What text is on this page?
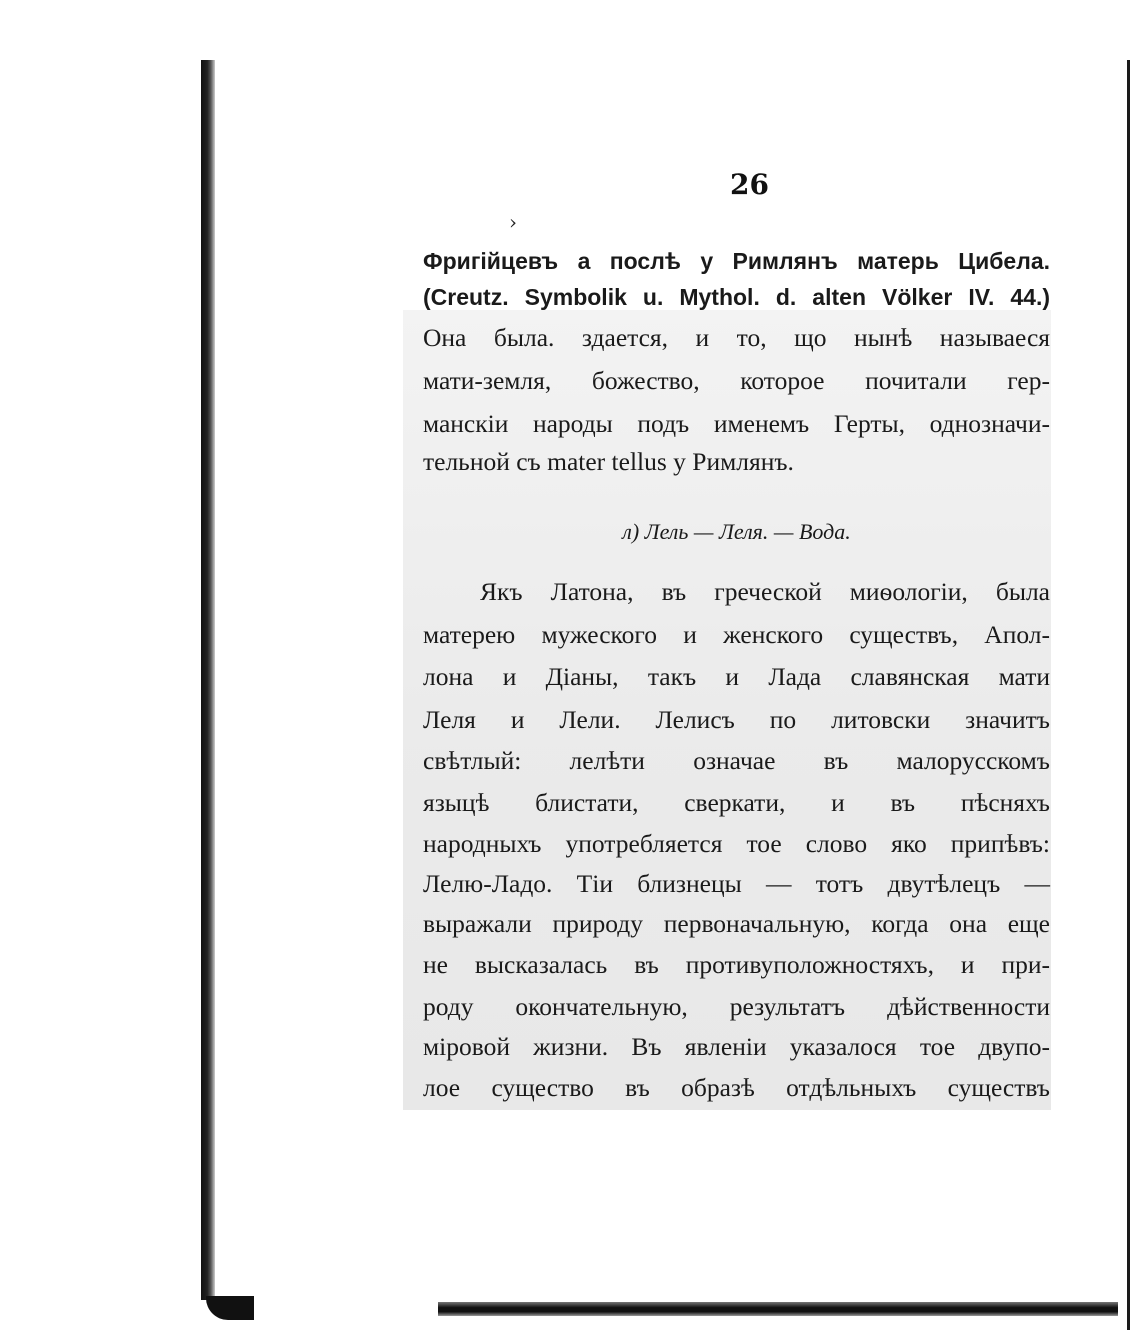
26
›
Фригійцевъ а послѣ у Римлянъ матерь Цибела.
(Creutz. Symbolik u. Mythol. d. alten Völker IV. 44.)
Она была. здается, и то, що нынѣ называеся
мати-земля, божество, которое почитали гер-
манскіи народы подъ именемъ Герты, однозначи-
тельной съ mater tellus у Римлянъ.
л) Лель — Леля. — Вода.
Якъ Латона, въ греческой миѳологіи, была
матерею мужеского и женского существъ, Апол-
лона и Діаны, такъ и Лада славянская мати
Леля и Лели. Лелисъ по литовски значитъ
свѣтлый: лелѣти означае въ малорусскомъ
языцѣ блистати, сверкати, и въ пѣсняхъ
народныхъ употребляется тое слово яко припѣвъ:
Лелю-Ладо. Тіи близнецы — тотъ двутѣлецъ —
выражали природу первоначальную, когда она еще
не высказалась въ противуположностяхъ, и при-
роду окончательную, результатъ дѣйственности
міровой жизни. Въ явленіи указалося тое двупо-
лое существо въ образѣ отдѣльныхъ существъ
